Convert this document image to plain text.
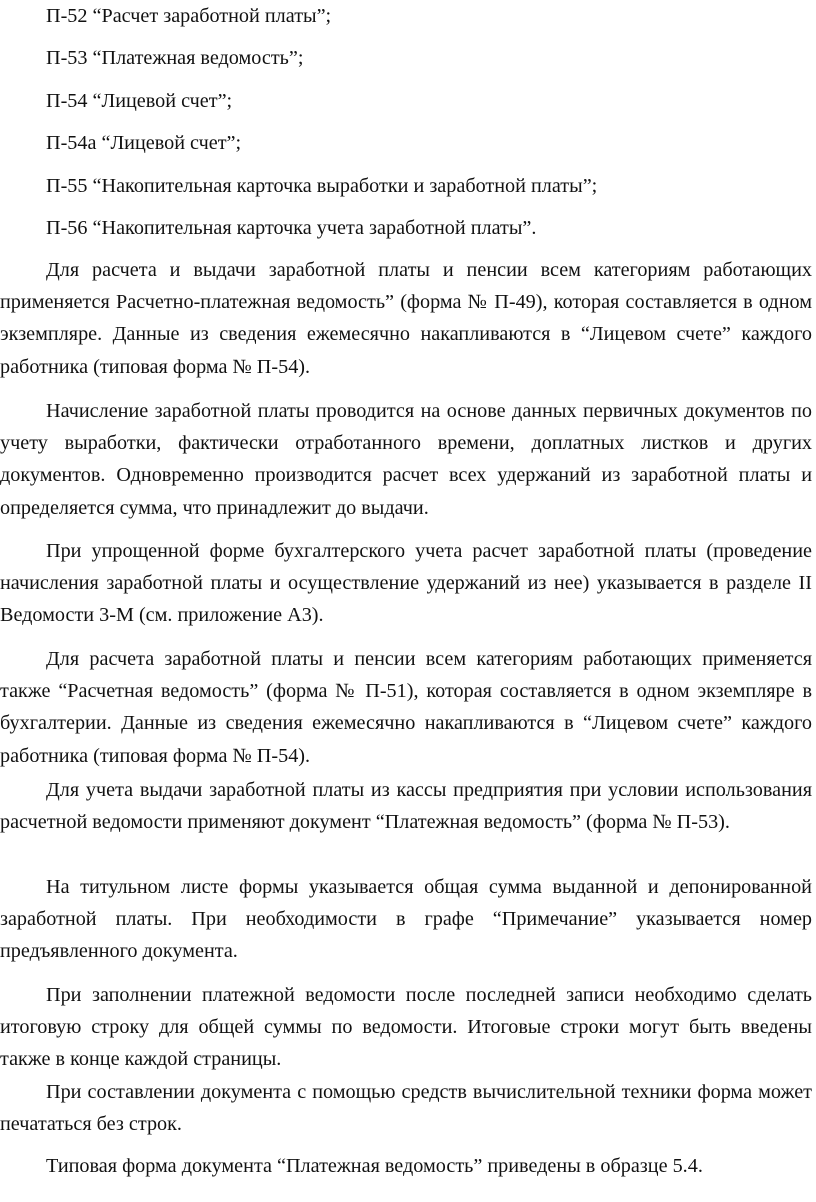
П-52 “Расчет заработной платы”;
П-53 “Платежная ведомость”;
П-54 “Лицевой счет”;
П-54а “Лицевой счет”;
П-55 “Накопительная карточка выработки и заработной платы”;
П-56 “Накопительная карточка учета заработной платы”.

Для расчета и выдачи заработной платы и пенсии всем категориям работающих применяется Расчетно-платежная ведомость” (форма № П-49), которая составляется в одном экземпляре. Данные из сведения ежемесячно накапливаются в “Лицевом счете” каждого работника (типовая форма № П-54).

Начисление заработной платы проводится на основе данных первичных документов по учету выработки, фактически отработанного времени, доплатных листков и других документов. Одновременно производится расчет всех удержаний из заработной платы и определяется сумма, что принадлежит до выдачи.

При упрощенной форме бухгалтерского учета расчет заработной платы (проведение начисления заработной платы и осуществление удержаний из нее) указывается в разделе II Ведомости 3-М (см. приложение А3).

Для расчета заработной платы и пенсии всем категориям работающих применяется также “Расчетная ведомость” (форма № П-51), которая составляется в одном экземпляре в бухгалтерии. Данные из сведения ежемесячно накапливаются в “Лицевом счете” каждого работника (типовая форма № П-54).

Для учета выдачи заработной платы из кассы предприятия при условии использования расчетной ведомости применяют документ “Платежная ведомость” (форма № П-53).

На титульном листе формы указывается общая сумма выданной и депонированной заработной платы. При необходимости в графе “Примечание” указывается номер предъявленного документа.

При заполнении платежной ведомости после последней записи необходимо сделать итоговую строку для общей суммы по ведомости. Итоговые строки могут быть введены также в конце каждой страницы.

При составлении документа с помощью средств вычислительной техники форма может печататься без строк.

Типовая форма документа “Платежная ведомость” приведены в образце 5.4.
